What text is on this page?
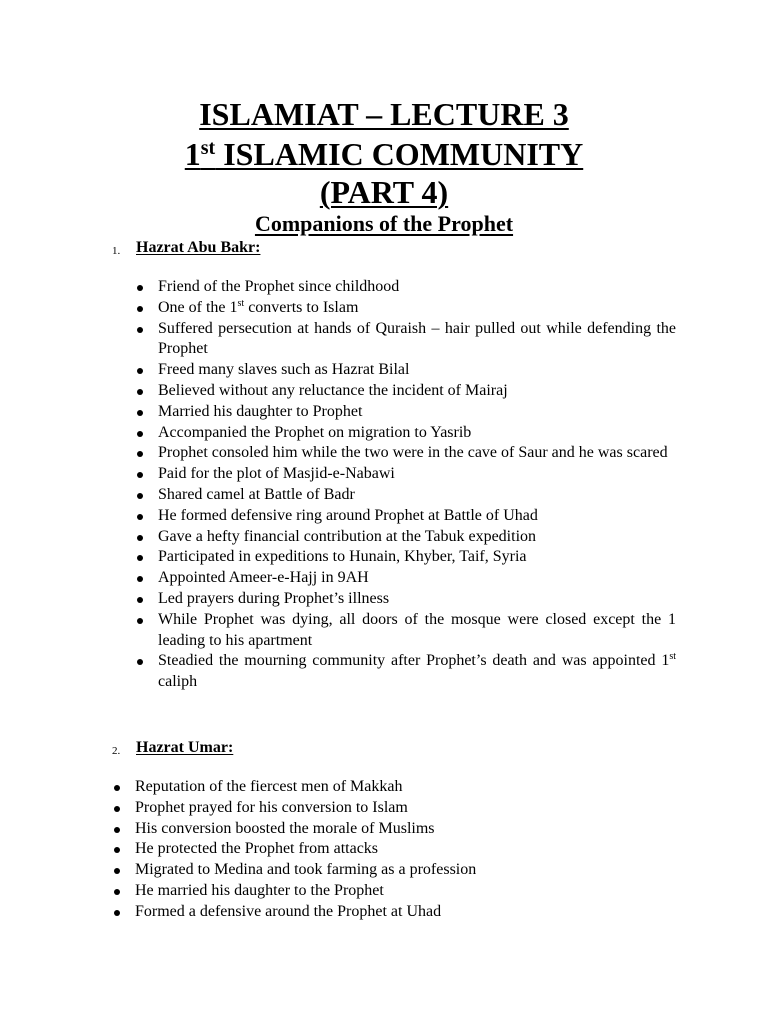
ISLAMIAT – LECTURE 3
1st ISLAMIC COMMUNITY
(PART 4)
Companions of the Prophet
1. Hazrat Abu Bakr:
Friend of the Prophet since childhood
One of the 1st converts to Islam
Suffered persecution at hands of Quraish – hair pulled out while defending the Prophet
Freed many slaves such as Hazrat Bilal
Believed without any reluctance the incident of Mairaj
Married his daughter to Prophet
Accompanied the Prophet on migration to Yasrib
Prophet consoled him while the two were in the cave of Saur and he was scared
Paid for the plot of Masjid-e-Nabawi
Shared camel at Battle of Badr
He formed defensive ring around Prophet at Battle of Uhad
Gave a hefty financial contribution at the Tabuk expedition
Participated in expeditions to Hunain, Khyber, Taif, Syria
Appointed Ameer-e-Hajj in 9AH
Led prayers during Prophet’s illness
While Prophet was dying, all doors of the mosque were closed except the 1 leading to his apartment
Steadied the mourning community after Prophet’s death and was appointed 1st caliph
2. Hazrat Umar:
Reputation of the fiercest men of Makkah
Prophet prayed for his conversion to Islam
His conversion boosted the morale of Muslims
He protected the Prophet from attacks
Migrated to Medina and took farming as a profession
He married his daughter to the Prophet
Formed a defensive around the Prophet at Uhad
